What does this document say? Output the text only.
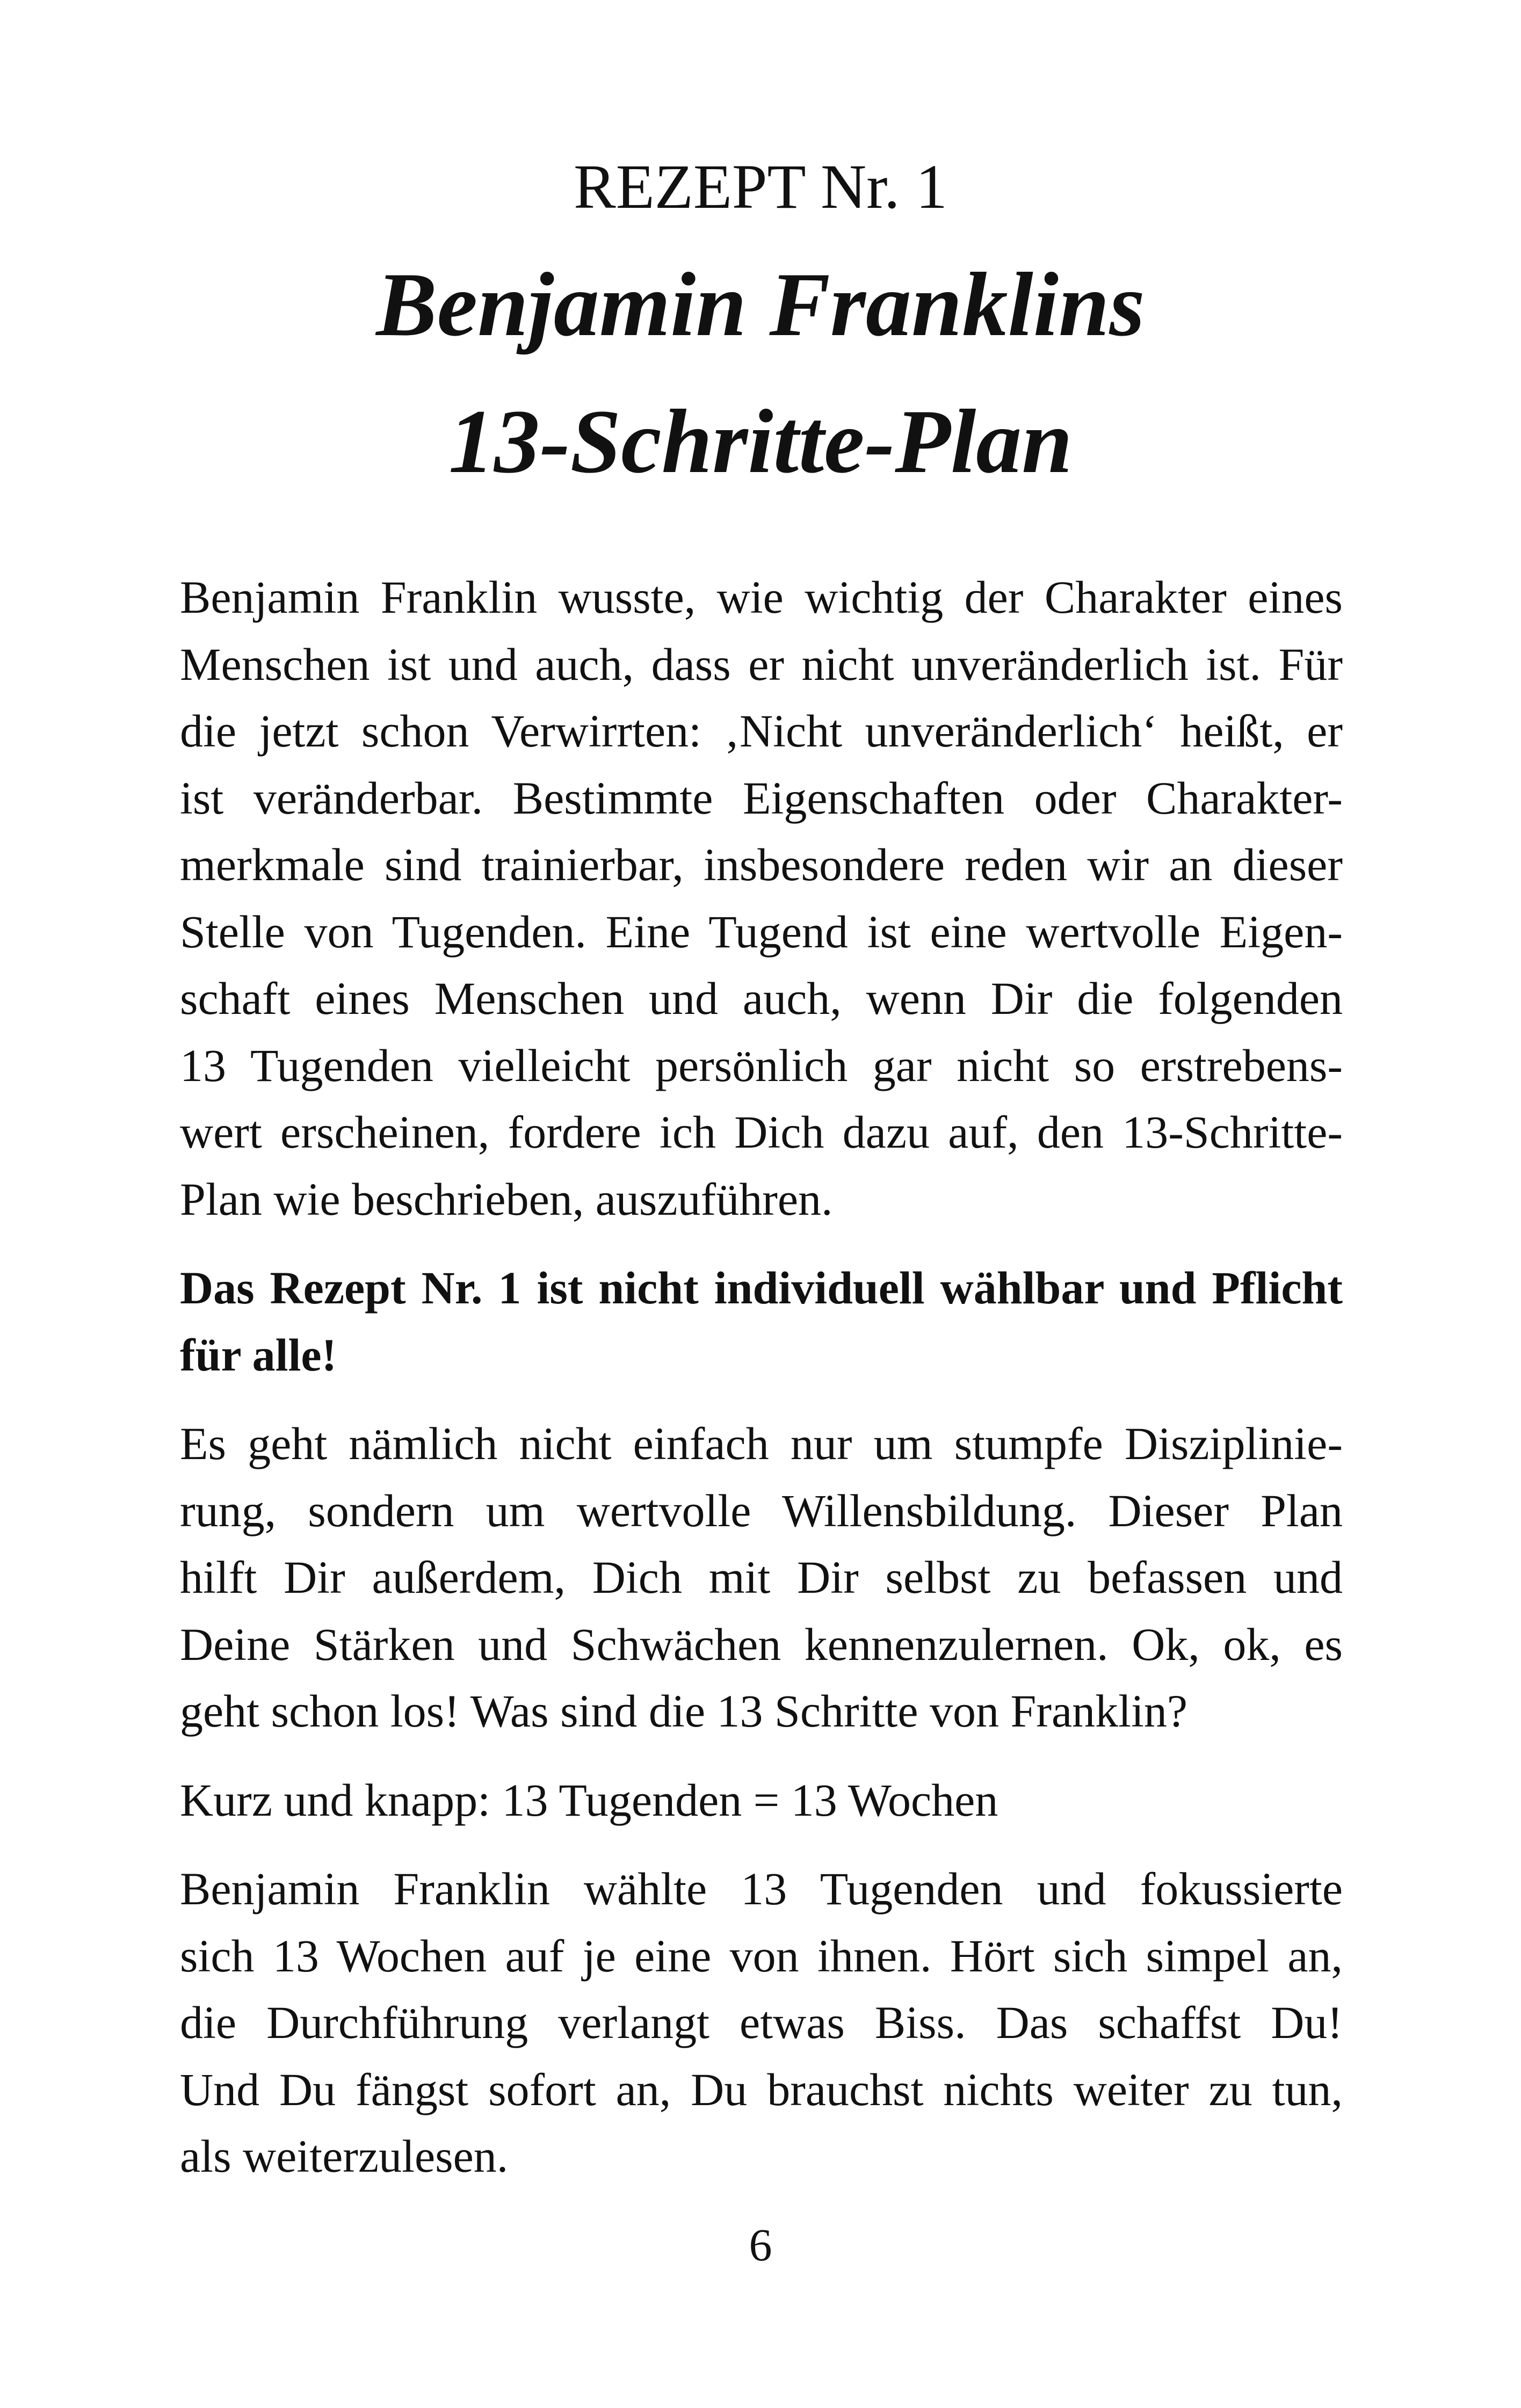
REZEPT Nr. 1
Benjamin Franklins
13-Schritte-Plan

Benjamin Franklin wusste, wie wichtig der Charakter eines
Menschen ist und auch, dass er nicht unveränderlich ist. Für
die jetzt schon Verwirrten: ‚Nicht unveränderlich‘ heißt, er
ist veränderbar. Bestimmte Eigenschaften oder Charakter-
merkmale sind trainierbar, insbesondere reden wir an dieser
Stelle von Tugenden. Eine Tugend ist eine wertvolle Eigen-
schaft eines Menschen und auch, wenn Dir die folgenden
13 Tugenden vielleicht persönlich gar nicht so erstrebens-
wert erscheinen, fordere ich Dich dazu auf, den 13-Schritte-
Plan wie beschrieben, auszuführen.

Das Rezept Nr. 1 ist nicht individuell wählbar und Pflicht
für alle!

Es geht nämlich nicht einfach nur um stumpfe Disziplinie-
rung, sondern um wertvolle Willensbildung. Dieser Plan
hilft Dir außerdem, Dich mit Dir selbst zu befassen und
Deine Stärken und Schwächen kennenzulernen. Ok, ok, es
geht schon los! Was sind die 13 Schritte von Franklin?

Kurz und knapp: 13 Tugenden = 13 Wochen

Benjamin Franklin wählte 13 Tugenden und fokussierte
sich 13 Wochen auf je eine von ihnen. Hört sich simpel an,
die Durchführung verlangt etwas Biss. Das schaffst Du!
Und Du fängst sofort an, Du brauchst nichts weiter zu tun,
als weiterzulesen.

6
